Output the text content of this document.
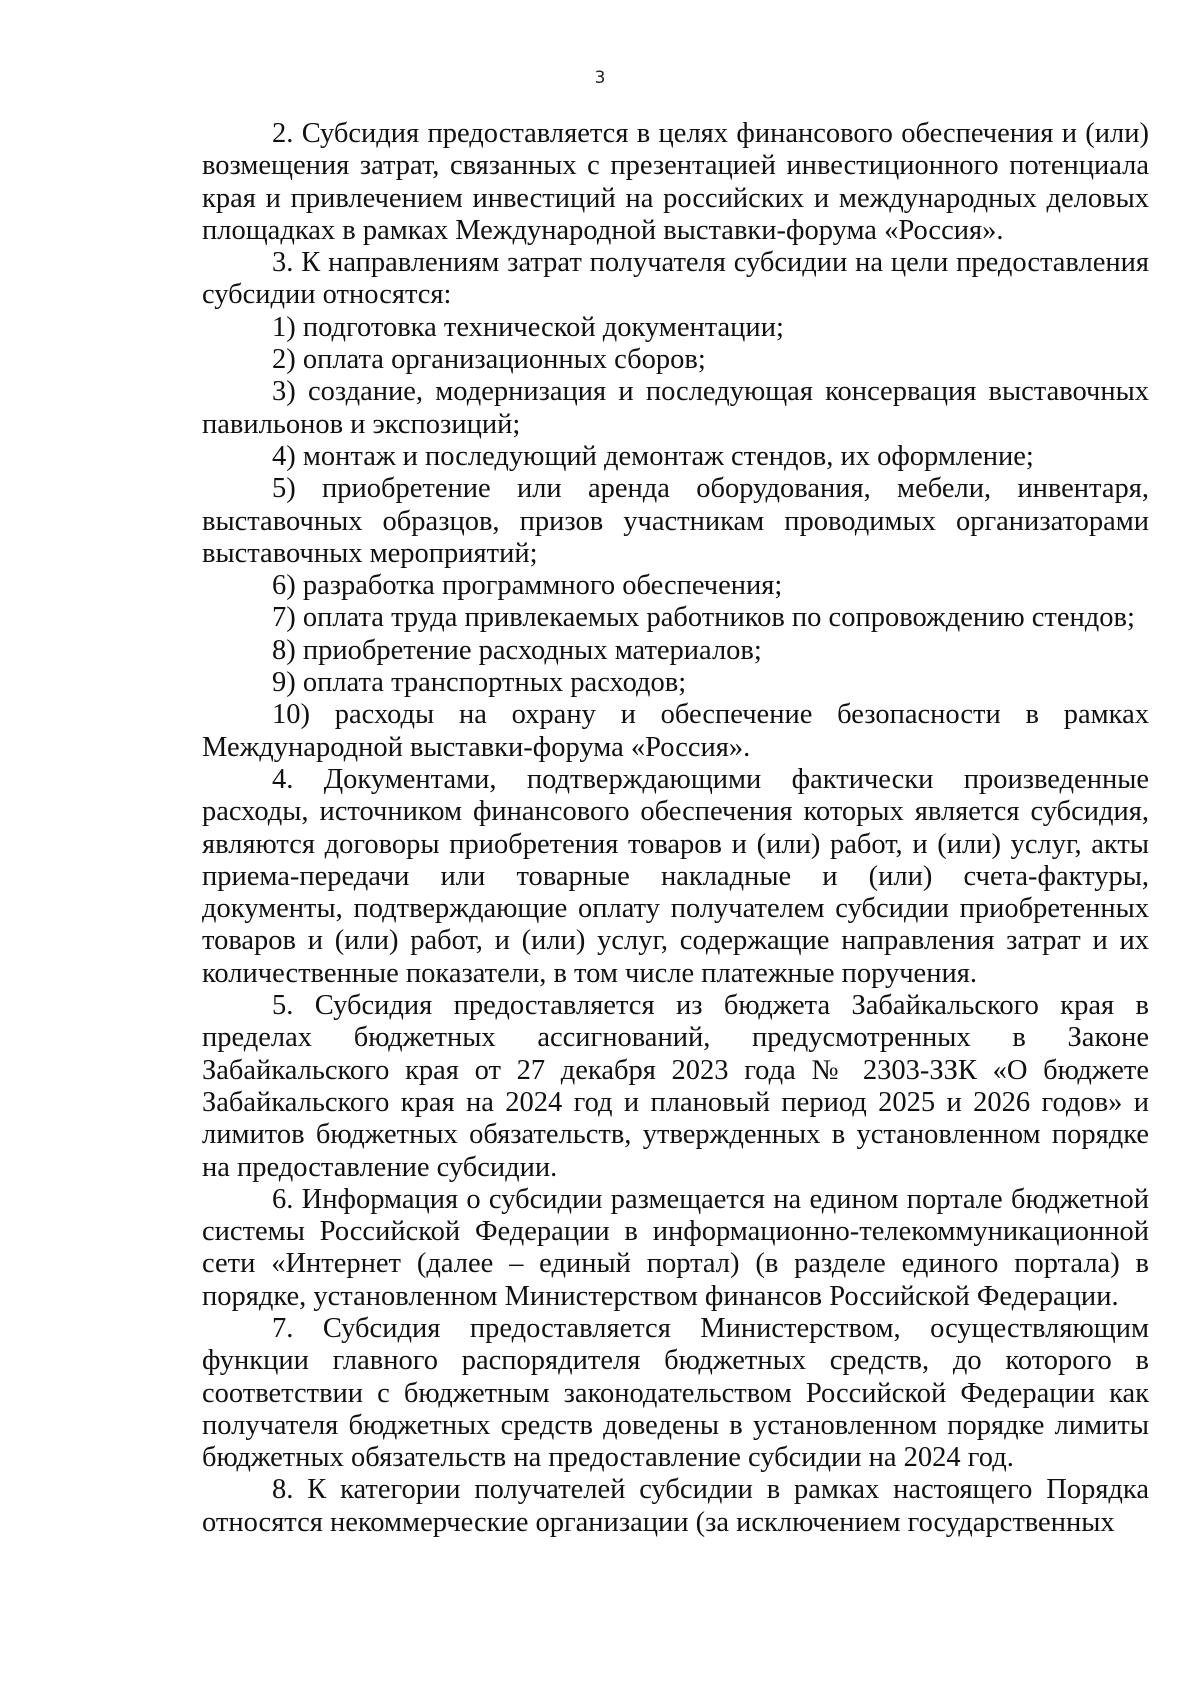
3

2. Субсидия предоставляется в целях финансового обеспечения и (или) возмещения затрат, связанных с презентацией инвестиционного потенциала края и привлечением инвестиций на российских и международных деловых площадках в рамках Международной выставки-форума «Россия».

3. К направлениям затрат получателя субсидии на цели предоставления субсидии относятся:

1) подготовка технической документации;

2) оплата организационных сборов;

3) создание, модернизация и последующая консервация выставочных павильонов и экспозиций;

4) монтаж и последующий демонтаж стендов, их оформление;

5) приобретение или аренда оборудования, мебели, инвентаря, выставочных образцов, призов участникам проводимых организаторами выставочных мероприятий;

6) разработка программного обеспечения;

7) оплата труда привлекаемых работников по сопровождению стендов;

8) приобретение расходных материалов;

9) оплата транспортных расходов;

10) расходы на охрану и обеспечение безопасности в рамках Международной выставки-форума «Россия».

4. Документами, подтверждающими фактически произведенные расходы, источником финансового обеспечения которых является субсидия, являются договоры приобретения товаров и (или) работ, и (или) услуг, акты приема-передачи или товарные накладные и (или) счета-фактуры, документы, подтверждающие оплату получателем субсидии приобретенных товаров и (или) работ, и (или) услуг, содержащие направления затрат и их количественные показатели, в том числе платежные поручения.

5. Субсидия предоставляется из бюджета Забайкальского края в пределах бюджетных ассигнований, предусмотренных в Законе Забайкальского края от 27 декабря 2023 года № 2303-ЗЗК «О бюджете Забайкальского края на 2024 год и плановый период 2025 и 2026 годов» и лимитов бюджетных обязательств, утвержденных в установленном порядке на предоставление субсидии.

6. Информация о субсидии размещается на едином портале бюджетной системы Российской Федерации в информационно-телекоммуникационной сети «Интернет (далее – единый портал) (в разделе единого портала) в порядке, установленном Министерством финансов Российской Федерации.

7. Субсидия предоставляется Министерством, осуществляющим функции главного распорядителя бюджетных средств, до которого в соответствии с бюджетным законодательством Российской Федерации как получателя бюджетных средств доведены в установленном порядке лимиты бюджетных обязательств на предоставление субсидии на 2024 год.

8. К категории получателей субсидии в рамках настоящего Порядка относятся некоммерческие организации (за исключением государственных
